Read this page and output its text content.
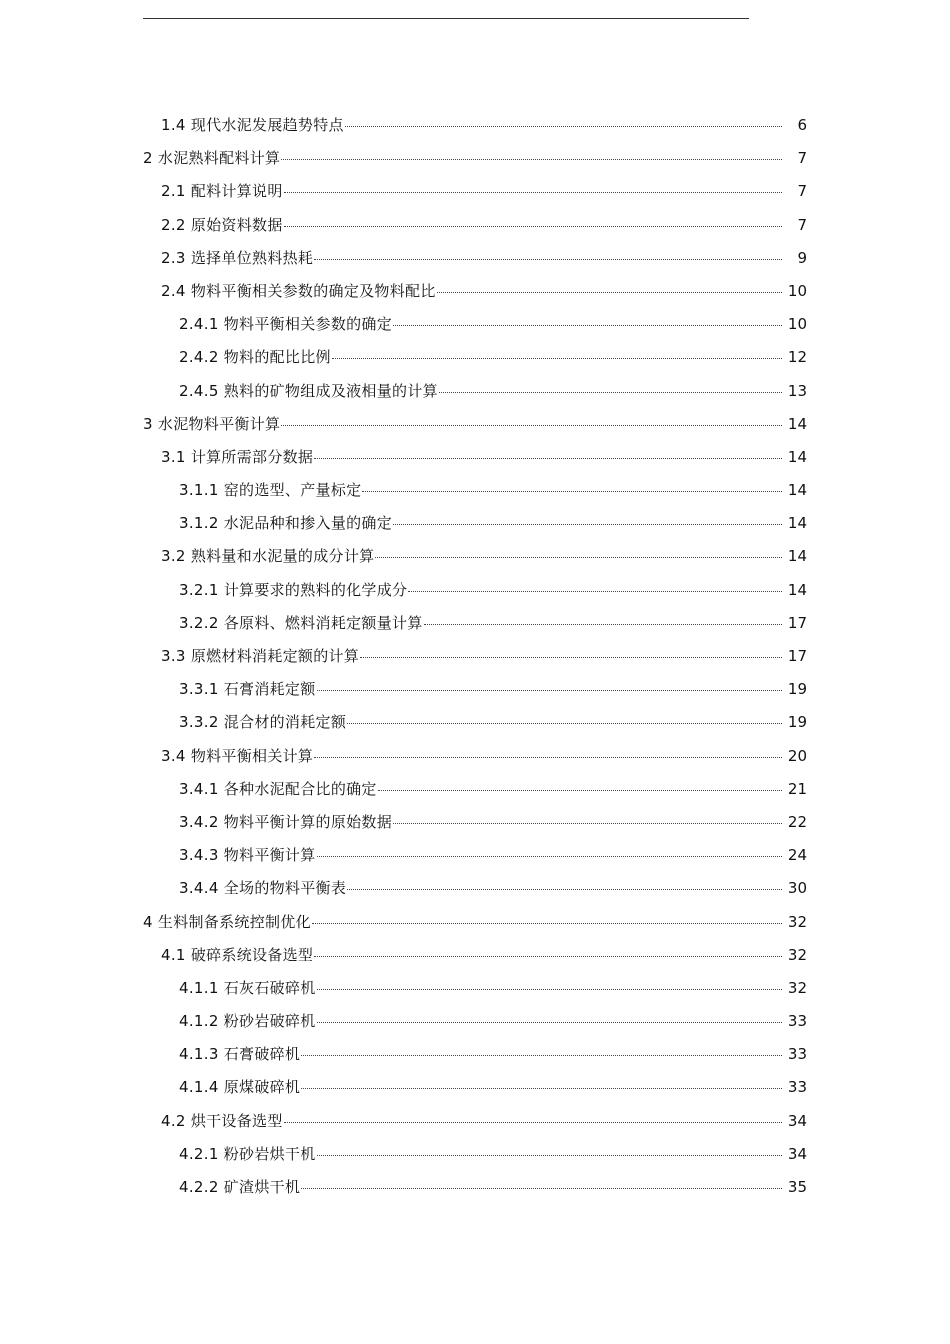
1.4 现代水泥发展趋势特点	6
2 水泥熟料配料计算	7
2.1 配料计算说明	7
2.2 原始资料数据	7
2.3 选择单位熟料热耗	9
2.4 物料平衡相关参数的确定及物料配比	10
2.4.1 物料平衡相关参数的确定	10
2.4.2 物料的配比比例	12
2.4.5 熟料的矿物组成及液相量的计算	13
3 水泥物料平衡计算	14
3.1 计算所需部分数据	14
3.1.1 窑的选型、产量标定	14
3.1.2 水泥品种和掺入量的确定	14
3.2 熟料量和水泥量的成分计算	14
3.2.1 计算要求的熟料的化学成分	14
3.2.2 各原料、燃料消耗定额量计算	17
3.3 原燃材料消耗定额的计算	17
3.3.1 石膏消耗定额	19
3.3.2 混合材的消耗定额	19
3.4 物料平衡相关计算	20
3.4.1 各种水泥配合比的确定	21
3.4.2 物料平衡计算的原始数据	22
3.4.3 物料平衡计算	24
3.4.4 全场的物料平衡表	30
4 生料制备系统控制优化	32
4.1 破碎系统设备选型	32
4.1.1 石灰石破碎机	32
4.1.2 粉砂岩破碎机	33
4.1.3 石膏破碎机	33
4.1.4 原煤破碎机	33
4.2 烘干设备选型	34
4.2.1 粉砂岩烘干机	34
4.2.2 矿渣烘干机	35
